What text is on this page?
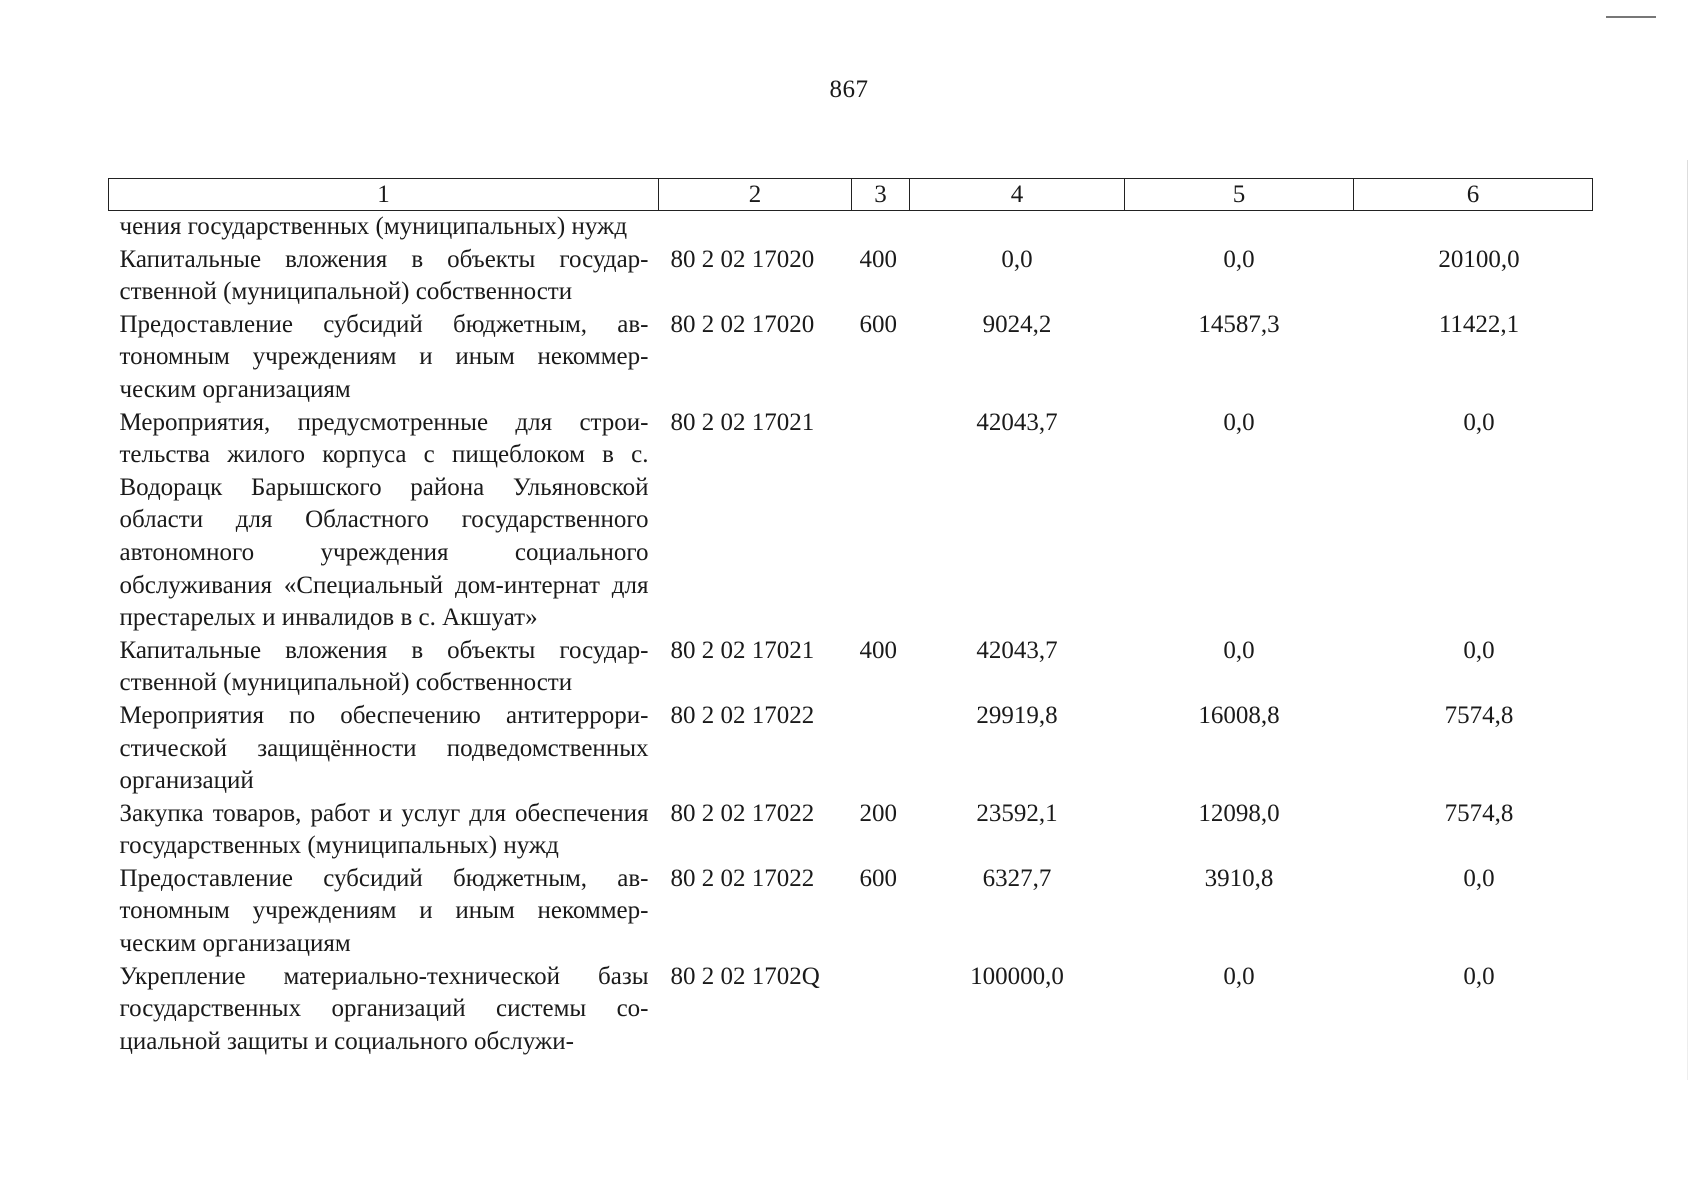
867
1	2	3	4	5	6
чения государственных (муниципальных) нужд					
Капитальные вложения в объекты государственной (муниципальной) собственности	80 2 02 17020	400	0,0	0,0	20100,0
Предоставление субсидий бюджетным, автономным учреждениям и иным некоммерческим организациям	80 2 02 17020	600	9024,2	14587,3	11422,1
Мероприятия, предусмотренные для строительства жилого корпуса с пищеблоком в с. Водорацк Барышского района Ульяновской области для Областного государственного автономного учреждения социального обслуживания «Специальный дом-интернат для престарелых и инвалидов в с. Акшуат»	80 2 02 17021		42043,7	0,0	0,0
Капитальные вложения в объекты государственной (муниципальной) собственности	80 2 02 17021	400	42043,7	0,0	0,0
Мероприятия по обеспечению антитеррористической защищённости подведомственных организаций	80 2 02 17022		29919,8	16008,8	7574,8
Закупка товаров, работ и услуг для обеспечения государственных (муниципальных) нужд	80 2 02 17022	200	23592,1	12098,0	7574,8
Предоставление субсидий бюджетным, автономным учреждениям и иным некоммерческим организациям	80 2 02 17022	600	6327,7	3910,8	0,0
Укрепление материально-технической базы государственных организаций системы социальной защиты и социального обслужи-	80 2 02 1702Q		100000,0	0,0	0,0
